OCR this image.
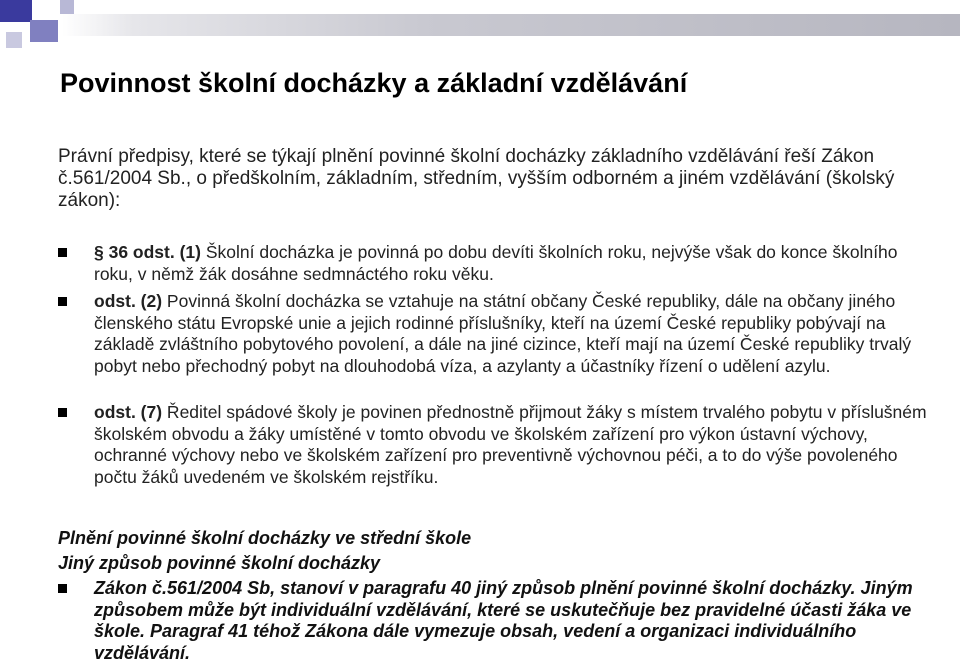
Povinnost školní docházky a základní vzdělávání
Právní předpisy, které se týkají plnění povinné školní docházky základního vzdělávání řeší Zákon č.561/2004 Sb., o předškolním, základním, středním, vyšším odborném a jiném vzdělávání (školský zákon):
§ 36 odst. (1) Školní docházka je povinná po dobu devíti školních roku, nejvýše však do konce školního roku, v němž žák dosáhne sedmnáctého roku věku.
odst. (2) Povinná školní docházka se vztahuje na státní občany České republiky, dále na občany jiného členského státu Evropské unie a jejich rodinné příslušníky, kteří na území České republiky pobývají na základě zvláštního pobytového povolení, a dále na jiné cizince, kteří mají na území České republiky trvalý pobyt nebo přechodný pobyt na dlouhodobá víza, a azylanty a účastníky řízení o udělení azylu.
odst. (7) Ředitel spádové školy je povinen přednostně přijmout žáky s místem trvalého pobytu v příslušném školském obvodu a žáky umístěné v tomto obvodu ve školském zařízení pro výkon ústavní výchovy, ochranné výchovy nebo ve školském zařízení pro preventivně výchovnou péči, a to do výše povoleného počtu žáků uvedeném ve školském rejstříku.
Plnění povinné školní docházky ve střední škole
Jiný způsob povinné školní docházky
Zákon č.561/2004 Sb, stanoví v paragrafu 40 jiný způsob plnění povinné školní docházky. Jiným způsobem může být individuální vzdělávání, které se uskutečňuje bez pravidelné účasti žáka ve škole. Paragraf 41 téhož Zákona dále vymezuje obsah, vedení a organizaci individuálního vzdělávání.
